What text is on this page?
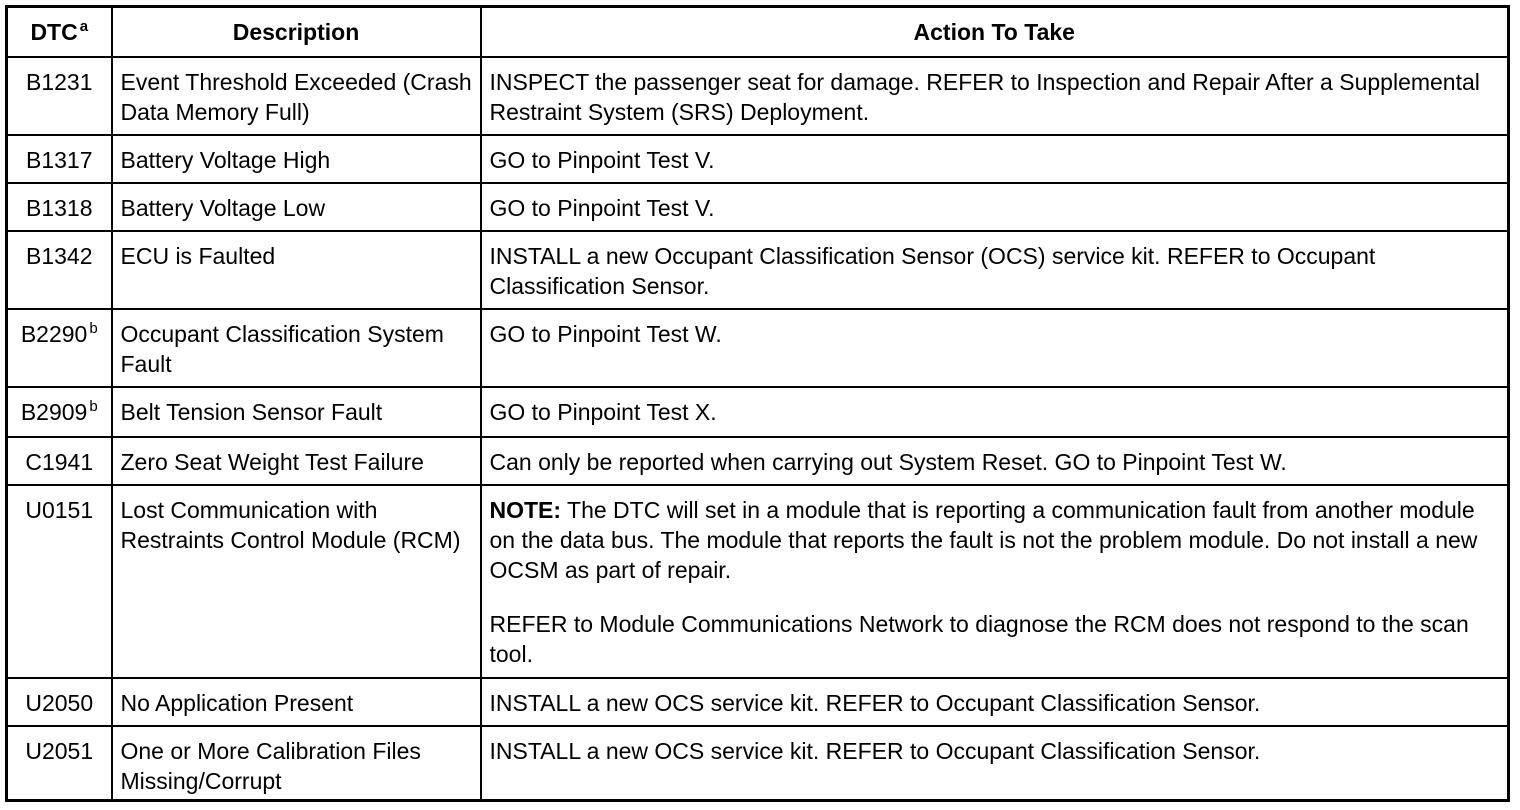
DTC $^a$	Description	Action To Take
B1231	Event Threshold Exceeded (Crash Data Memory Full)	INSPECT the passenger seat for damage. REFER to Inspection and Repair After a Supplemental Restraint System (SRS) Deployment.

B1317	Battery Voltage High	GO to Pinpoint Test V.

B1318	Battery Voltage Low	GO to Pinpoint Test V.

B1342	ECU is Faulted	INSTALL a new Occupant Classification Sensor (OCS) service kit. REFER to Occupant Classification Sensor.

B2290 $^b$	Occupant Classification System Fault	GO to Pinpoint Test W.

B2909 $^b$	Belt Tension Sensor Fault	GO to Pinpoint Test X.

C1941	Zero Seat Weight Test Failure	Can only be reported when carrying out System Reset. GO to Pinpoint Test W.

U0151	Lost Communication with Restraints Control Module (RCM)	NOTE: The DTC will set in a module that is reporting a communication fault from another module on the data bus. The module that reports the fault is not the problem module. Do not install a new OCSM as part of repair.

REFER to Module Communications Network to diagnose the RCM does not respond to the scan tool.

U2050	No Application Present	INSTALL a new OCS service kit. REFER to Occupant Classification Sensor.

U2051	One or More Calibration Files Missing/Corrupt	INSTALL a new OCS service kit. REFER to Occupant Classification Sensor.
